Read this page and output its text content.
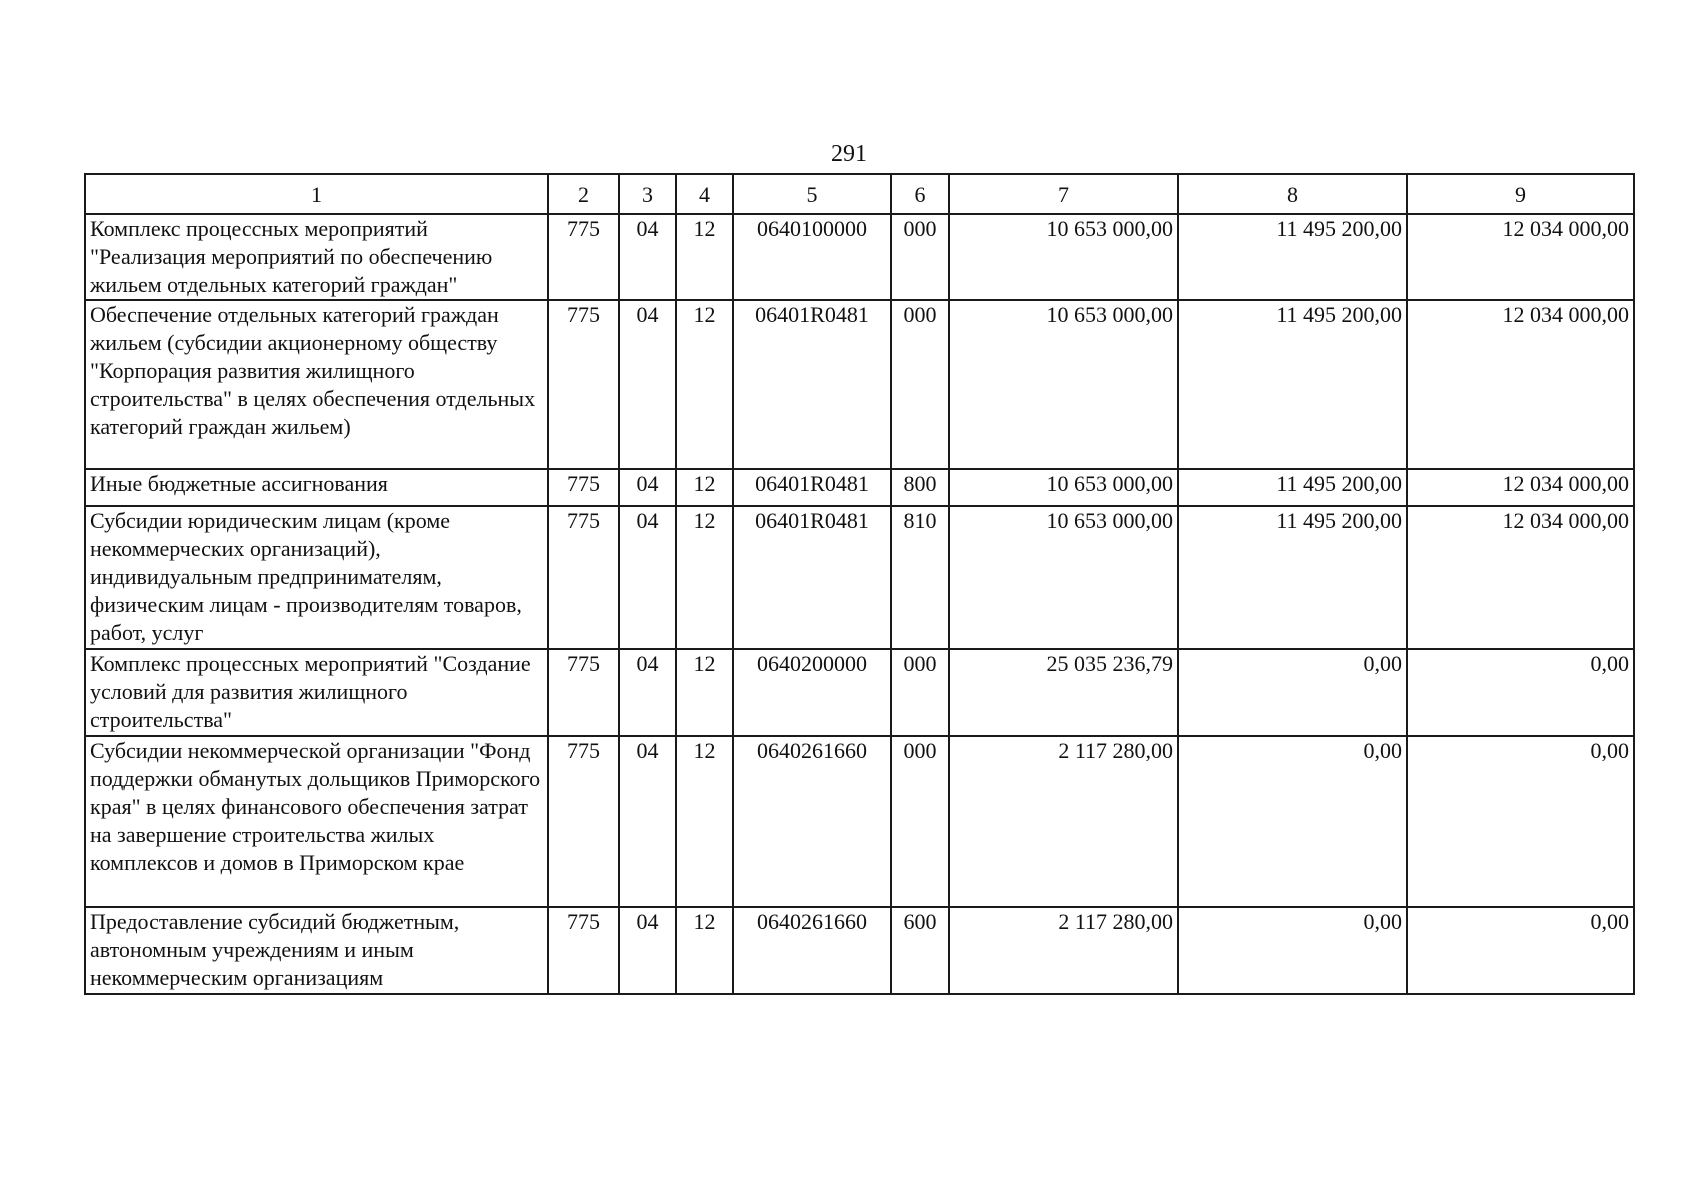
291
1	2	3	4	5	6	7	8	9
Комплекс процессных мероприятий "Реализация мероприятий по обеспечению жильем отдельных категорий граждан"	775	04	12	0640100000	000	10 653 000,00	11 495 200,00	12 034 000,00
Обеспечение отдельных категорий граждан жильем (субсидии акционерному обществу "Корпорация развития жилищного строительства" в целях обеспечения отдельных категорий граждан жильем)	775	04	12	06401R0481	000	10 653 000,00	11 495 200,00	12 034 000,00
Иные бюджетные ассигнования	775	04	12	06401R0481	800	10 653 000,00	11 495 200,00	12 034 000,00
Субсидии юридическим лицам (кроме некоммерческих организаций), индивидуальным предпринимателям, физическим лицам - производителям товаров, работ, услуг	775	04	12	06401R0481	810	10 653 000,00	11 495 200,00	12 034 000,00
Комплекс процессных мероприятий "Создание условий для развития жилищного строительства"	775	04	12	0640200000	000	25 035 236,79	0,00	0,00
Субсидии некоммерческой организации "Фонд поддержки обманутых дольщиков Приморского края" в целях финансового обеспечения затрат на завершение строительства жилых комплексов и домов в Приморском крае	775	04	12	0640261660	000	2 117 280,00	0,00	0,00
Предоставление субсидий бюджетным, автономным учреждениям и иным некоммерческим организациям	775	04	12	0640261660	600	2 117 280,00	0,00	0,00
